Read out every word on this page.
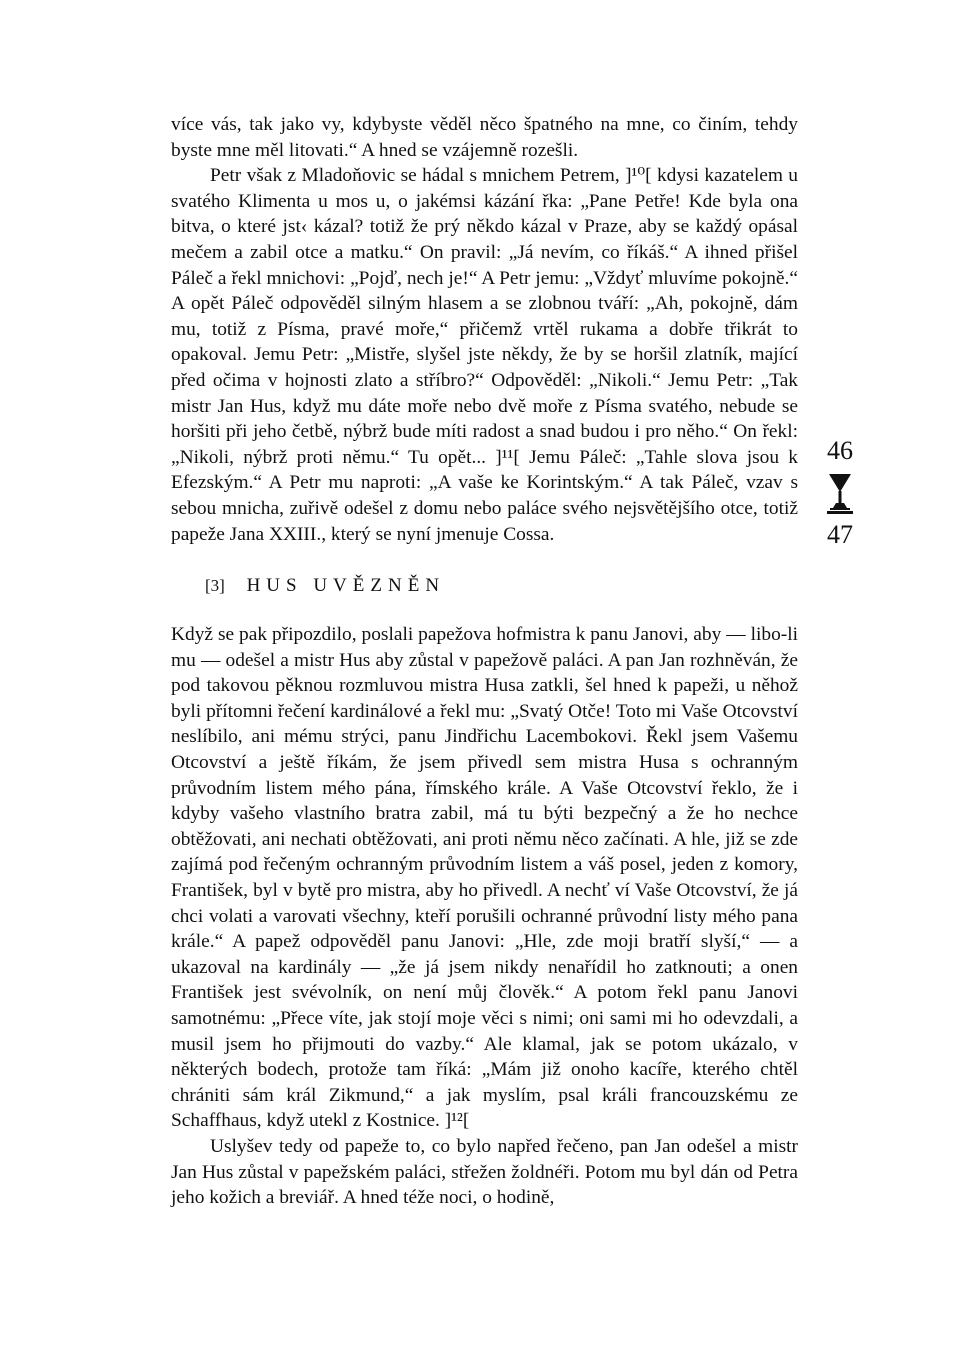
více vás, tak jako vy, kdybyste věděl něco špatného na mne, co činím, tehdy byste mne měl litovati.“ A hned se vzájemně rozešli.

Petr však z Mladoňovic se hádal s mnichem Petrem, ]¹⁰[ kdysi kazatelem u svatého Klimenta u mos u, o jakémsi kázání řka: „Pane Petře! Kde byla ona bitva, o které jst‹ kázal? totiž že prý někdo kázal v Praze, aby se každý opásal mečem a zabil otce a matku.“ On pravil: „Já nevím, co říkáš.“ A ihned přišel Páleč a řekl mnichovi: „Pojď, nech je!“ A Petr jemu: „Vždyť mluvíme pokojně.“ A opět Páleč odpověděl silným hlasem a se zlobnou tváří: „Ah, pokojně, dám mu, totiž z Písma, pravé moře,“ přičemž vrtěl rukama a dobře třikrát to opakoval. Jemu Petr: „Mistře, slyšel jste někdy, že by se horšil zlatník, mající před očima v hojnosti zlato a stříbro?“ Odpověděl: „Nikoli.“ Jemu Petr: „Tak mistr Jan Hus, když mu dáte moře nebo dvě moře z Písma svatého, nebude se horšiti při jeho četbě, nýbrž bude míti radost a snad budou i pro něho.“ On řekl: „Nikoli, nýbrž proti němu.“ Tu opět... ]¹¹[ Jemu Páleč: „Tahle slova jsou k Efezským.“ A Petr mu naproti: „A vaše ke Korintským.“ A tak Páleč, vzav s sebou mnicha, zuřivě odešel z domu nebo paláce svého nejsvětějšího otce, totiž papeže Jana XXIII., který se nyní jmenuje Cossa.

[3] HUS UVĚZNĚN

Když se pak připozdilo, poslali papežova hofmistra k panu Janovi, aby — libo-li mu — odešel a mistr Hus aby zůstal v papežově paláci. A pan Jan rozhněván, že pod takovou pěknou rozmluvou mistra Husa zatkli, šel hned k papeži, u něhož byli přítomni řečení kardinálové a řekl mu: „Svatý Otče! Toto mi Vaše Otcovství neslíbilo, ani mému strýci, panu Jindřichu Lacembokovi. Řekl jsem Vašemu Otcovství a ještě říkám, že jsem přivedl sem mistra Husa s ochranným průvodním listem mého pána, římského krále. A Vaše Otcovství řeklo, že i kdyby vašeho vlastního bratra zabil, má tu býti bezpečný a že ho nechce obtěžovati, ani nechati obtěžovati, ani proti němu něco začínati. A hle, již se zde zajímá pod řečeným ochranným průvodním listem a váš posel, jeden z komory, František, byl v bytě pro mistra, aby ho přivedl. A nechť ví Vaše Otcovství, že já chci volati a varovati všechny, kteří porušili ochranné průvodní listy mého pana krále.“ A papež odpověděl panu Janovi: „Hle, zde moji bratří slyší,“ — a ukazoval na kardinály — „že já jsem nikdy nenařídil ho zatknouti; a onen František jest svévolník, on není můj člověk.“ A potom řekl panu Janovi samotnému: „Přece víte, jak stojí moje věci s nimi; oni sami mi ho odevzdali, a musil jsem ho přijmouti do vazby.“ Ale klamal, jak se potom ukázalo, v některých bodech, protože tam říká: „Mám již onoho kacíře, kterého chtěl chrániti sám král Zikmund,“ a jak myslím, psal králi francouzskému ze Schaffhaus, když utekl z Kostnice. ]¹²[

Uslyšev tedy od papeže to, co bylo napřed řečeno, pan Jan odešel a mistr Jan Hus zůstal v papežském paláci, střežen žoldnéři. Potom mu byl dán od Petra jeho kožich a breviář. A hned téže noci, o hodině,

46
47
